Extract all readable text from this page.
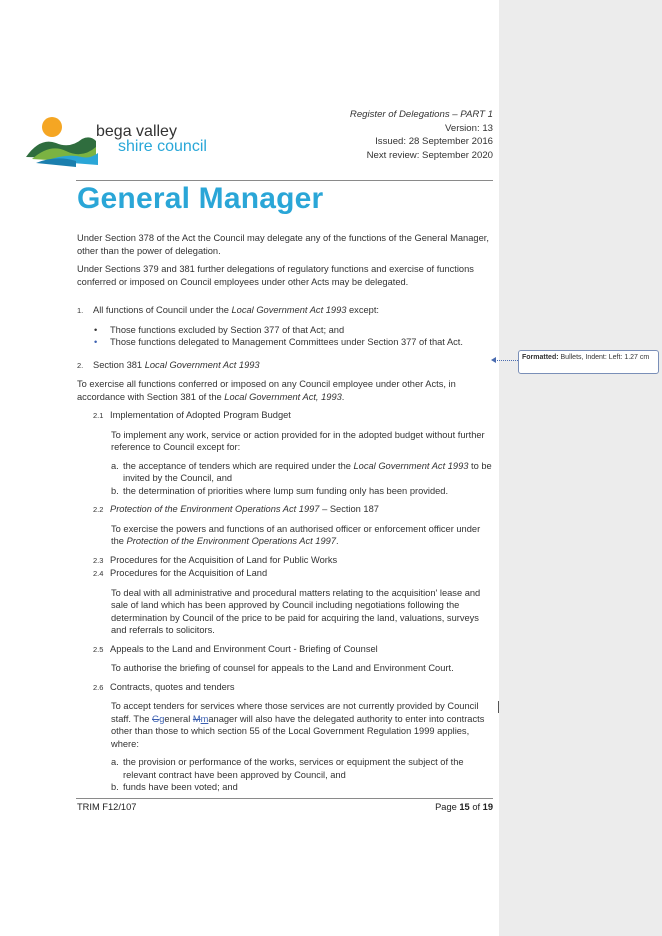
bega valley
shire council
Register of Delegations – PART 1
Version: 13
Issued: 28 September 2016
Next review: September 2020
General Manager

Under Section 378 of the Act the Council may delegate any of the functions of the General Manager, other than the power of delegation.

Under Sections 379 and 381 further delegations of regulatory functions and exercise of functions conferred or imposed on Council employees under other Acts may be delegated.

1. All functions of Council under the Local Government Act 1993 except:
•	Those functions excluded by Section 377 of that Act; and
•	Those functions delegated to Management Committees under Section 377 of that Act.
2. Section 381 Local Government Act 1993

To exercise all functions conferred or imposed on any Council employee under other Acts, in accordance with Section 381 of the Local Government Act, 1993.

2.1 Implementation of Adopted Program Budget

To implement any work, service or action provided for in the adopted budget without further reference to Council except for:

a. the acceptance of tenders which are required under the Local Government Act 1993 to be invited by the Council, and
b. the determination of priorities where lump sum funding only has been provided.
2.2 Protection of the Environment Operations Act 1997 – Section 187

To exercise the powers and functions of an authorised officer or enforcement officer under the Protection of the Environment Operations Act 1997.

2.3 Procedures for the Acquisition of Land for Public Works
2.4 Procedures for the Acquisition of Land

To deal with all administrative and procedural matters relating to the acquisition' lease and sale of land which has been approved by Council including negotiations following the determination by Council of the price to be paid for acquiring the land, valuations, surveys and referrals to solicitors.

2.5 Appeals to the Land and Environment Court - Briefing of Counsel

To authorise the briefing of counsel for appeals to the Land and Environment Court.

2.6 Contracts, quotes and tenders

To accept tenders for services where those services are not currently provided by Council staff. The Ggeneral Mmanager will also have the delegated authority to enter into contracts other than those to which section 55 of the Local Government Regulation 1999 applies, where:

a. the provision or performance of the works, services or equipment the subject of the relevant contract have been approved by Council, and
b. funds have been voted; and
Formatted: Bullets, Indent: Left: 1.27 cm
TRIM F12/107	Page 15 of 19
